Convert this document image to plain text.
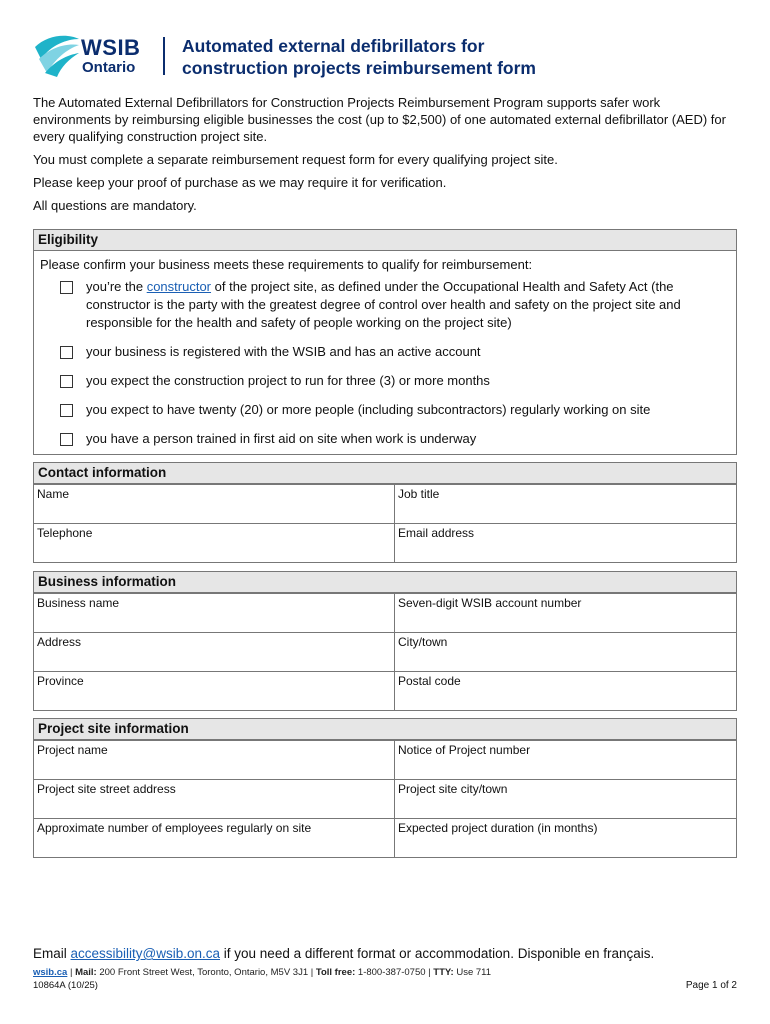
WSIB
Ontario
Automated external defibrillators for
construction projects reimbursement form

The Automated External Defibrillators for Construction Projects Reimbursement Program supports safer work environments by reimbursing eligible businesses the cost (up to $2,500) of one automated external defibrillator (AED) for every qualifying construction project site.

You must complete a separate reimbursement request form for every qualifying project site.

Please keep your proof of purchase as we may require it for verification.

All questions are mandatory.

Eligibility
Please confirm your business meets these requirements to qualify for reimbursement:
you’re the constructor of the project site, as defined under the Occupational Health and Safety Act (the constructor is the party with the greatest degree of control over health and safety on the project site and responsible for the health and safety of people working on the project site)
your business is registered with the WSIB and has an active account
you expect the construction project to run for three (3) or more months
you expect to have twenty (20) or more people (including subcontractors) regularly working on site
you have a person trained in first aid on site when work is underway
Contact information
Name	Job title
Telephone	Email address
Business information
Business name	Seven-digit WSIB account number
Address	City/town
Province	Postal code
Project site information
Project name	Notice of Project number
Project site street address	Project site city/town
Approximate number of employees regularly on site	Expected project duration (in months)
Email accessibility@wsib.on.ca if you need a different format or accommodation. Disponible en français.
wsib.ca | Mail: 200 Front Street West, Toronto, Ontario, M5V 3J1 | Toll free: 1-800-387-0750 | TTY: Use 711
10864A (10/25)	Page 1 of 2
